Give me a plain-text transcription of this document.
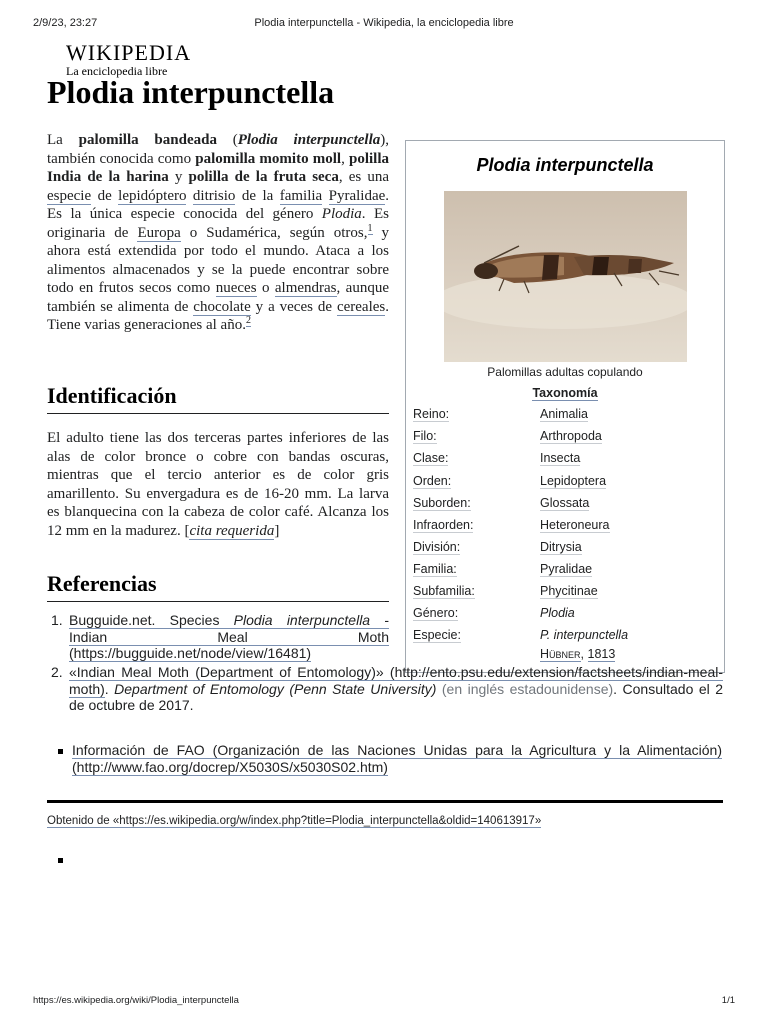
2/9/23, 23:27	Plodia interpunctella - Wikipedia, la enciclopedia libre
WIKIPEDIA
La enciclopedia libre
Plodia interpunctella
La palomilla bandeada (Plodia interpunctella), también conocida como palomilla momito moll, polilla India de la harina y polilla de la fruta seca, es una especie de lepidóptero ditrisio de la familia Pyralidae. Es la única especie conocida del género Plodia. Es originaria de Europa o Sudamérica, según otros,$^1$ y ahora está extendida por todo el mundo. Ataca a los alimentos almacenados y se la puede encontrar sobre todo en frutos secos como nueces o almendras, aunque también se alimenta de chocolate y a veces de cereales. Tiene varias generaciones al año.$^2$
Identificación
El adulto tiene las dos terceras partes inferiores de las alas de color bronce o cobre con bandas oscuras, mientras que el tercio anterior es de color gris amarillento. Su envergadura es de 16-20 mm. La larva es blanquecina con la cabeza de color café. Alcanza los 12 mm en la madurez. [cita requerida]
Referencias
Plodia interpunctella
Palomillas adultas copulando
Taxonomía
Reino:	Animalia
Filo:	Arthropoda
Clase:	Insecta
Orden:	Lepidoptera
Suborden:	Glossata
Infraorden:	Heteroneura
División:	Ditrysia
Familia:	Pyralidae
Subfamilia:	Phycitinae
Género:	Plodia
Especie:	P. interpunctella
Hübner, 1813
1. Bugguide.net. Species Plodia interpunctella - Indian Meal Moth (https://bugguide.net/node/view/16481)
2. «Indian Meal Moth (Department of Entomology)» (http://ento.psu.edu/extension/factsheets/indian-meal-moth). Department of Entomology (Penn State University) (en inglés estadounidense). Consultado el 2 de octubre de 2017.
Información de FAO (Organización de las Naciones Unidas para la Agricultura y la Alimentación) (http://www.fao.org/docrep/X5030S/x5030S02.htm)
Obtenido de «https://es.wikipedia.org/w/index.php?title=Plodia_interpunctella&oldid=140613917»
https://es.wikipedia.org/wiki/Plodia_interpunctella	1/1
